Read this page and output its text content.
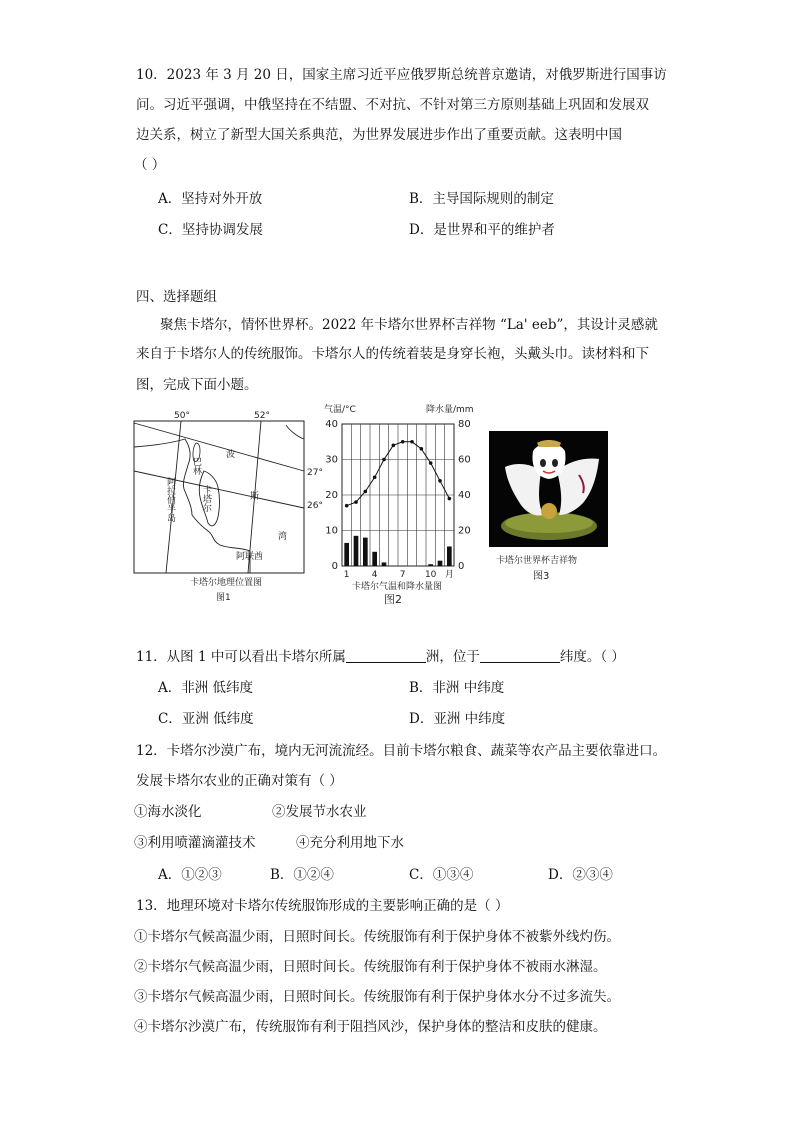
10．2023 年 3 月 20 日，国家主席习近平应俄罗斯总统普京邀请，对俄罗斯进行国事访
问。习近平强调，中俄坚持在不结盟、不对抗、不针对第三方原则基础上巩固和发展双
边关系，树立了新型大国关系典范，为世界发展进步作出了重要贡献。这表明中国
（ ）
A．坚持对外开放	B．主导国际规则的制定
C．坚持协调发展	D．是世界和平的维护者
四、选择题组
聚焦卡塔尔，情怀世界杯。2022 年卡塔尔世界杯吉祥物 “La' eeb”，其设计灵感就
来自于卡塔尔人的传统服饰。卡塔尔人的传统着装是身穿长袍，头戴头巾。读材料和下
图，完成下面小题。
50°	52°
27°
26°
巴林
波
斯
湾
阿拉伯半岛	卡塔尔
阿联酋
卡塔尔地理位置图
图1
气温/°C	降水量/mm
0
10
20
30
40
0
20
40
60
80
1 4 7 10 月
卡塔尔气温和降水量图
图2
卡塔尔世界杯吉祥物
图3
11．从图 1 中可以看出卡塔尔所属	洲，位于	纬度。（ ）
A．非洲 低纬度	B．非洲 中纬度
C．亚洲 低纬度	D．亚洲 中纬度
12．卡塔尔沙漠广布，境内无河流流经。目前卡塔尔粮食、蔬菜等农产品主要依靠进口。
发展卡塔尔农业的正确对策有（ ）
①海水淡化	②发展节水农业
③利用喷灌滴灌技术	④充分利用地下水
A．①②③	B．①②④	C．①③④	D．②③④
13．地理环境对卡塔尔传统服饰形成的主要影响正确的是（ ）
①卡塔尔气候高温少雨，日照时间长。传统服饰有利于保护身体不被紫外线灼伤。
②卡塔尔气候高温少雨，日照时间长。传统服饰有利于保护身体不被雨水淋湿。
③卡塔尔气候高温少雨，日照时间长。传统服饰有利于保护身体水分不过多流失。
④卡塔尔沙漠广布，传统服饰有利于阻挡风沙，保护身体的整洁和皮肤的健康。
